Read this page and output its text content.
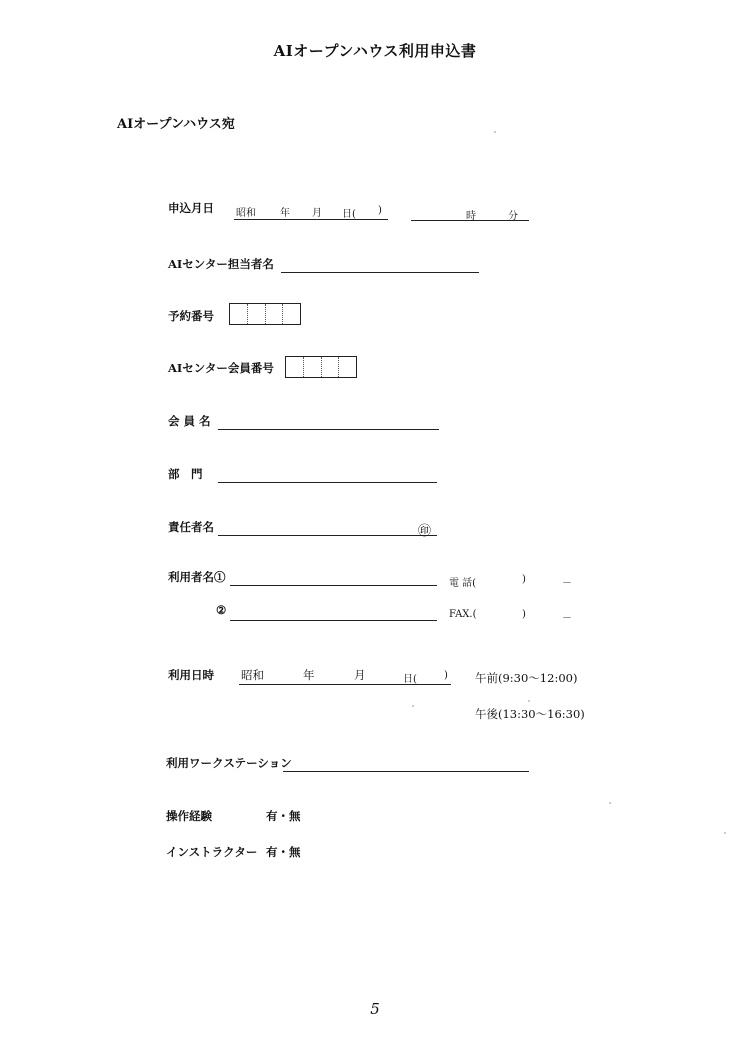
AIオープンハウス利用申込書
AIオープンハウス宛
申込月日 昭和 年 月 日( )
時	分
AIセンター担当者名
予約番号
AIセンター会員番号
会 員 名
部　門
責任者名	㊞
利用者名①	電 話(	)	－
②	FAX.(	)	－
利用日時 昭和	年	月	日(	) 午前(9:30～12:00)
午後(13:30～16:30)
利用ワークステーション
操作経験	有・無
インストラクター 有・無
5
